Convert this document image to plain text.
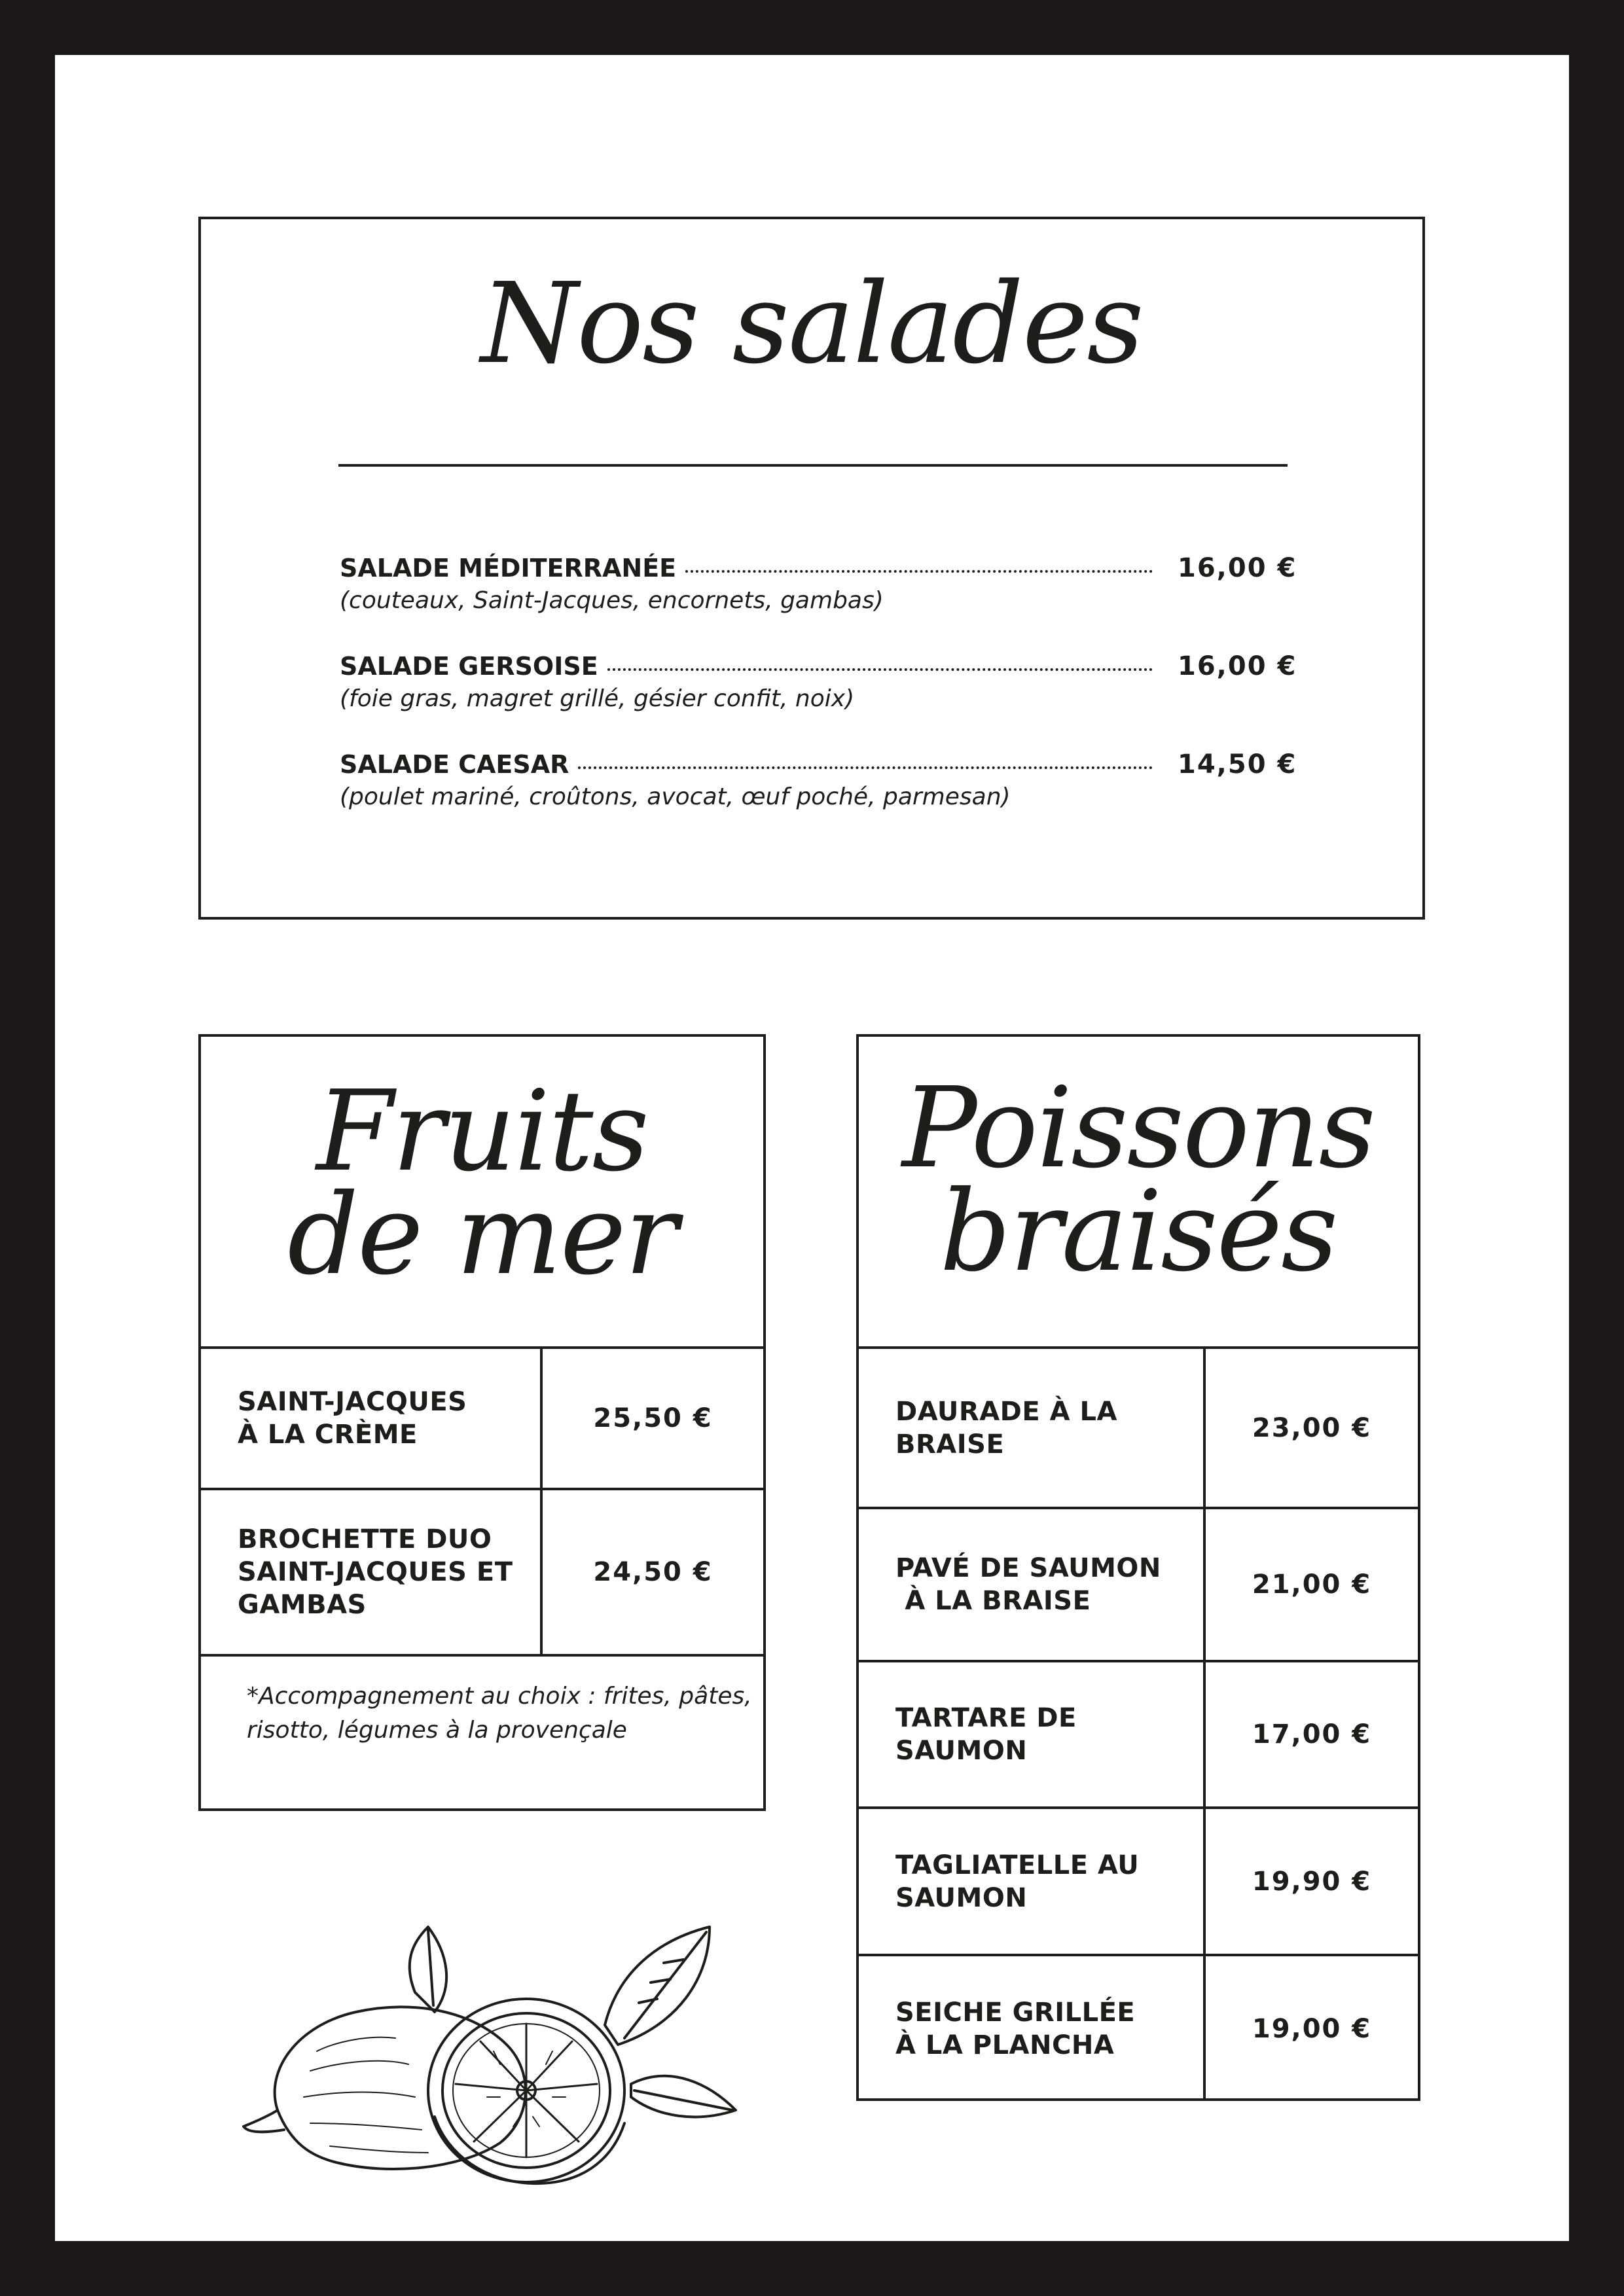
Nos salades
SALADE MÉDITERRANÉE	16,00 €
(couteaux, Saint-Jacques, encornets, gambas)
SALADE GERSOISE	16,00 €
(foie gras, magret grillé, gésier confit, noix)
SALADE CAESAR	14,50 €
(poulet mariné, croûtons, avocat, œuf poché, parmesan)
Fruits
de mer
SAINT-JACQUES
À LA CRÈME
25,50 €
BROCHETTE DUO
SAINT-JACQUES ET
GAMBAS
24,50 €
*Accompagnement au choix : frites, pâtes,
risotto, légumes à la provençale
Poissons
braisés
DAURADE À LA
BRAISE
23,00 €
PAVÉ DE SAUMON
À LA BRAISE
21,00 €
TARTARE DE
SAUMON
17,00 €
TAGLIATELLE AU
SAUMON
19,90 €
SEICHE GRILLÉE
À LA PLANCHA
19,00 €
